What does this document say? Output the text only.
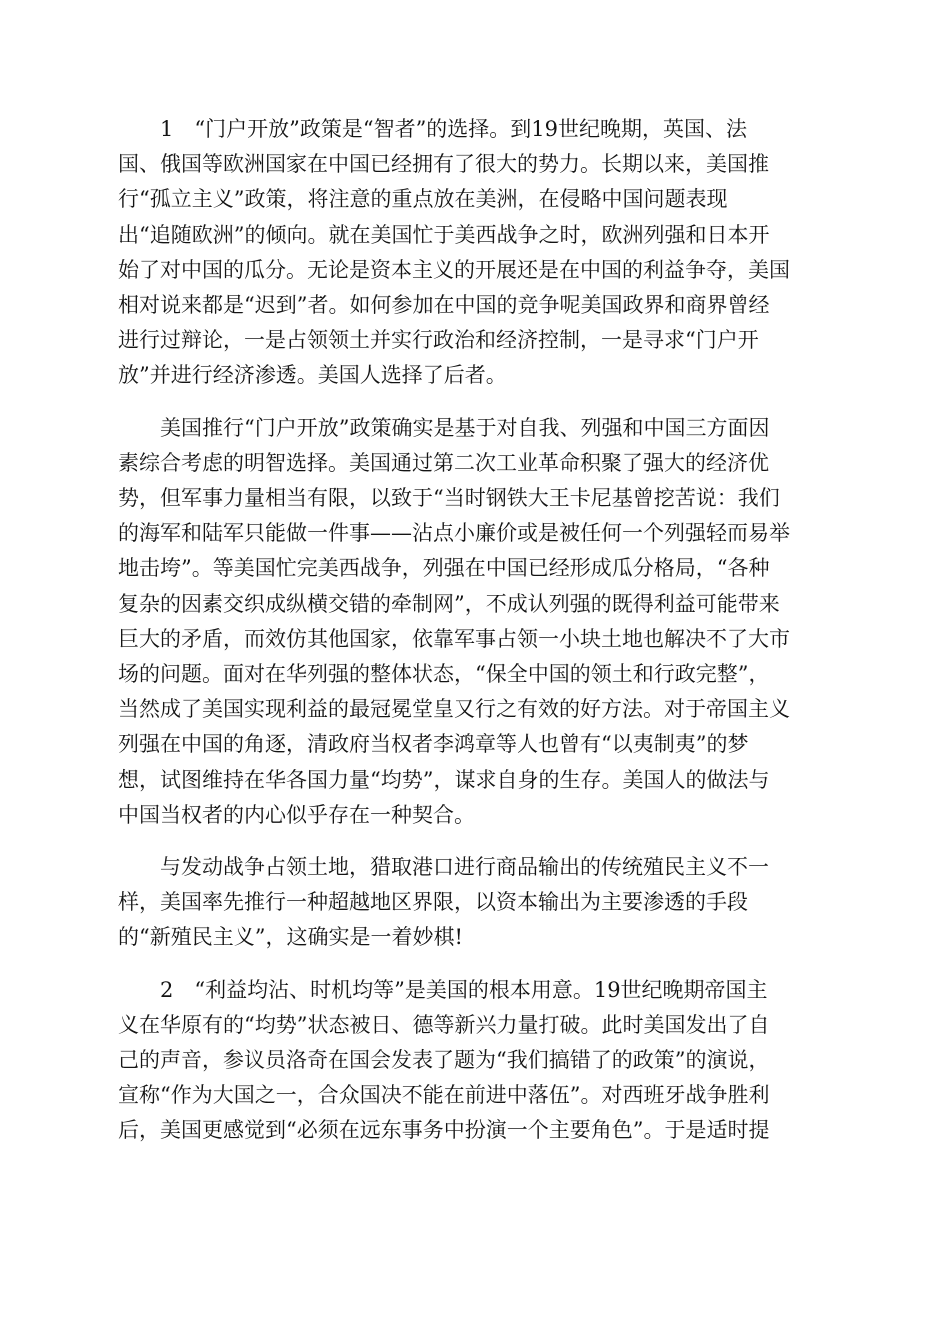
1　“门户开放”政策是“智者”的选择。到19世纪晚期，英国、法
国、俄国等欧洲国家在中国已经拥有了很大的势力。长期以来，美国推
行“孤立主义”政策，将注意的重点放在美洲，在侵略中国问题表现
出“追随欧洲”的倾向。就在美国忙于美西战争之时，欧洲列强和日本开
始了对中国的瓜分。无论是资本主义的开展还是在中国的利益争夺，美国
相对说来都是“迟到”者。如何参加在中国的竞争呢美国政界和商界曾经
进行过辩论，一是占领领土并实行政治和经济控制，一是寻求“门户开
放”并进行经济渗透。美国人选择了后者。
美国推行“门户开放”政策确实是基于对自我、列强和中国三方面因
素综合考虑的明智选择。美国通过第二次工业革命积聚了强大的经济优
势，但军事力量相当有限，以致于“当时钢铁大王卡尼基曾挖苦说：我们
的海军和陆军只能做一件事——沾点小廉价或是被任何一个列强轻而易举
地击垮”。等美国忙完美西战争，列强在中国已经形成瓜分格局，“各种
复杂的因素交织成纵横交错的牵制网”，不成认列强的既得利益可能带来
巨大的矛盾，而效仿其他国家，依靠军事占领一小块土地也解决不了大市
场的问题。面对在华列强的整体状态，“保全中国的领土和行政完整”，
当然成了美国实现利益的最冠冕堂皇又行之有效的好方法。对于帝国主义
列强在中国的角逐，清政府当权者李鸿章等人也曾有“以夷制夷”的梦
想，试图维持在华各国力量“均势”，谋求自身的生存。美国人的做法与
中国当权者的内心似乎存在一种契合。
与发动战争占领土地，猎取港口进行商品输出的传统殖民主义不一
样，美国率先推行一种超越地区界限，以资本输出为主要渗透的手段
的“新殖民主义”，这确实是一着妙棋!
2　“利益均沾、时机均等”是美国的根本用意。19世纪晚期帝国主
义在华原有的“均势”状态被日、德等新兴力量打破。此时美国发出了自
己的声音，参议员洛奇在国会发表了题为“我们搞错了的政策”的演说，
宣称“作为大国之一，合众国决不能在前进中落伍”。对西班牙战争胜利
后，美国更感觉到“必须在远东事务中扮演一个主要角色”。于是适时提
